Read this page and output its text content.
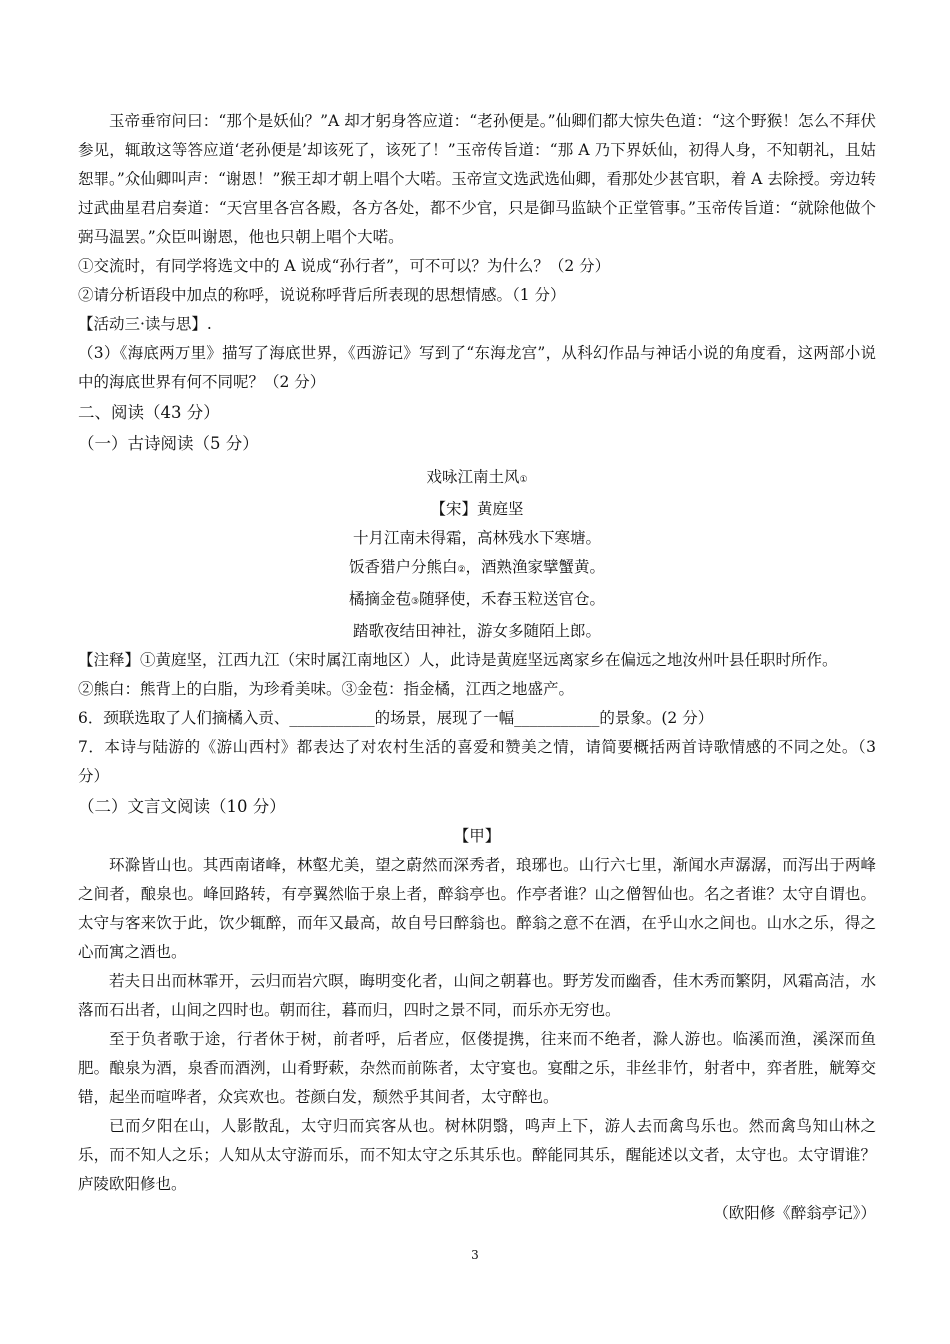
玉帝垂帘问曰：“那个是妖仙？”A 却才躬身答应道：“老孙便是。”仙卿们都大惊失色道：“这个野猴！怎么不拜伏参见，辄敢这等答应道‘老孙便是’却该死了，该死了！”玉帝传旨道：“那 A 乃下界妖仙，初得人身，不知朝礼，且姑恕罪。”众仙卿叫声：“谢恩！”猴王却才朝上唱个大喏。玉帝宣文选武选仙卿，看那处少甚官职，着 A 去除授。旁边转过武曲星君启奏道：“天宫里各宫各殿，各方各处，都不少官，只是御马监缺个正堂管事。”玉帝传旨道：“就除他做个弼马温罢。”众臣叫谢恩，他也只朝上唱个大喏。

①交流时，有同学将选文中的 A 说成“孙行者”，可不可以？为什么？（2 分）

②请分析语段中加点的称呼，说说称呼背后所表现的思想情感。（1 分）

【活动三·读与思】.

（3）《海底两万里》描写了海底世界，《西游记》写到了“东海龙宫”，从科幻作品与神话小说的角度看，这两部小说中的海底世界有何不同呢？（2 分）

二、阅读（43 分）

（一）古诗阅读（5 分）

戏咏江南土风①

【宋】黄庭坚

十月江南未得霜，高林残水下寒塘。

饭香猎户分熊白②，酒熟渔家擘蟹黄。

橘摘金苞③随驿使，禾舂玉粒送官仓。

踏歌夜结田神社，游女多随陌上郎。

【注释】①黄庭坚，江西九江（宋时属江南地区）人，此诗是黄庭坚远离家乡在偏远之地汝州叶县任职时所作。

②熊白：熊背上的白脂，为珍肴美味。③金苞：指金橘，江西之地盛产。

6．颈联选取了人们摘橘入贡、___________的场景，展现了一幅___________的景象。(2 分）

7．本诗与陆游的《游山西村》都表达了对农村生活的喜爱和赞美之情，请简要概括两首诗歌情感的不同之处。（3 分）

（二）文言文阅读（10 分）

【甲】

环滁皆山也。其西南诸峰，林壑尤美，望之蔚然而深秀者，琅琊也。山行六七里，渐闻水声潺潺，而泻出于两峰之间者，酿泉也。峰回路转，有亭翼然临于泉上者，醉翁亭也。作亭者谁？山之僧智仙也。名之者谁？太守自谓也。太守与客来饮于此，饮少辄醉，而年又最高，故自号曰醉翁也。醉翁之意不在酒，在乎山水之间也。山水之乐，得之心而寓之酒也。

若夫日出而林霏开，云归而岩穴暝，晦明变化者，山间之朝暮也。野芳发而幽香，佳木秀而繁阴，风霜高洁，水落而石出者，山间之四时也。朝而往，暮而归，四时之景不同，而乐亦无穷也。

至于负者歌于途，行者休于树，前者呼，后者应，伛偻提携，往来而不绝者，滁人游也。临溪而渔，溪深而鱼肥。酿泉为酒，泉香而酒洌，山肴野蔌，杂然而前陈者，太守宴也。宴酣之乐，非丝非竹，射者中，弈者胜，觥筹交错，起坐而喧哗者，众宾欢也。苍颜白发，颓然乎其间者，太守醉也。

已而夕阳在山，人影散乱，太守归而宾客从也。树林阴翳，鸣声上下，游人去而禽鸟乐也。然而禽鸟知山林之乐，而不知人之乐；人知从太守游而乐，而不知太守之乐其乐也。醉能同其乐，醒能述以文者，太守也。太守谓谁？庐陵欧阳修也。

（欧阳修《醉翁亭记》）

3
